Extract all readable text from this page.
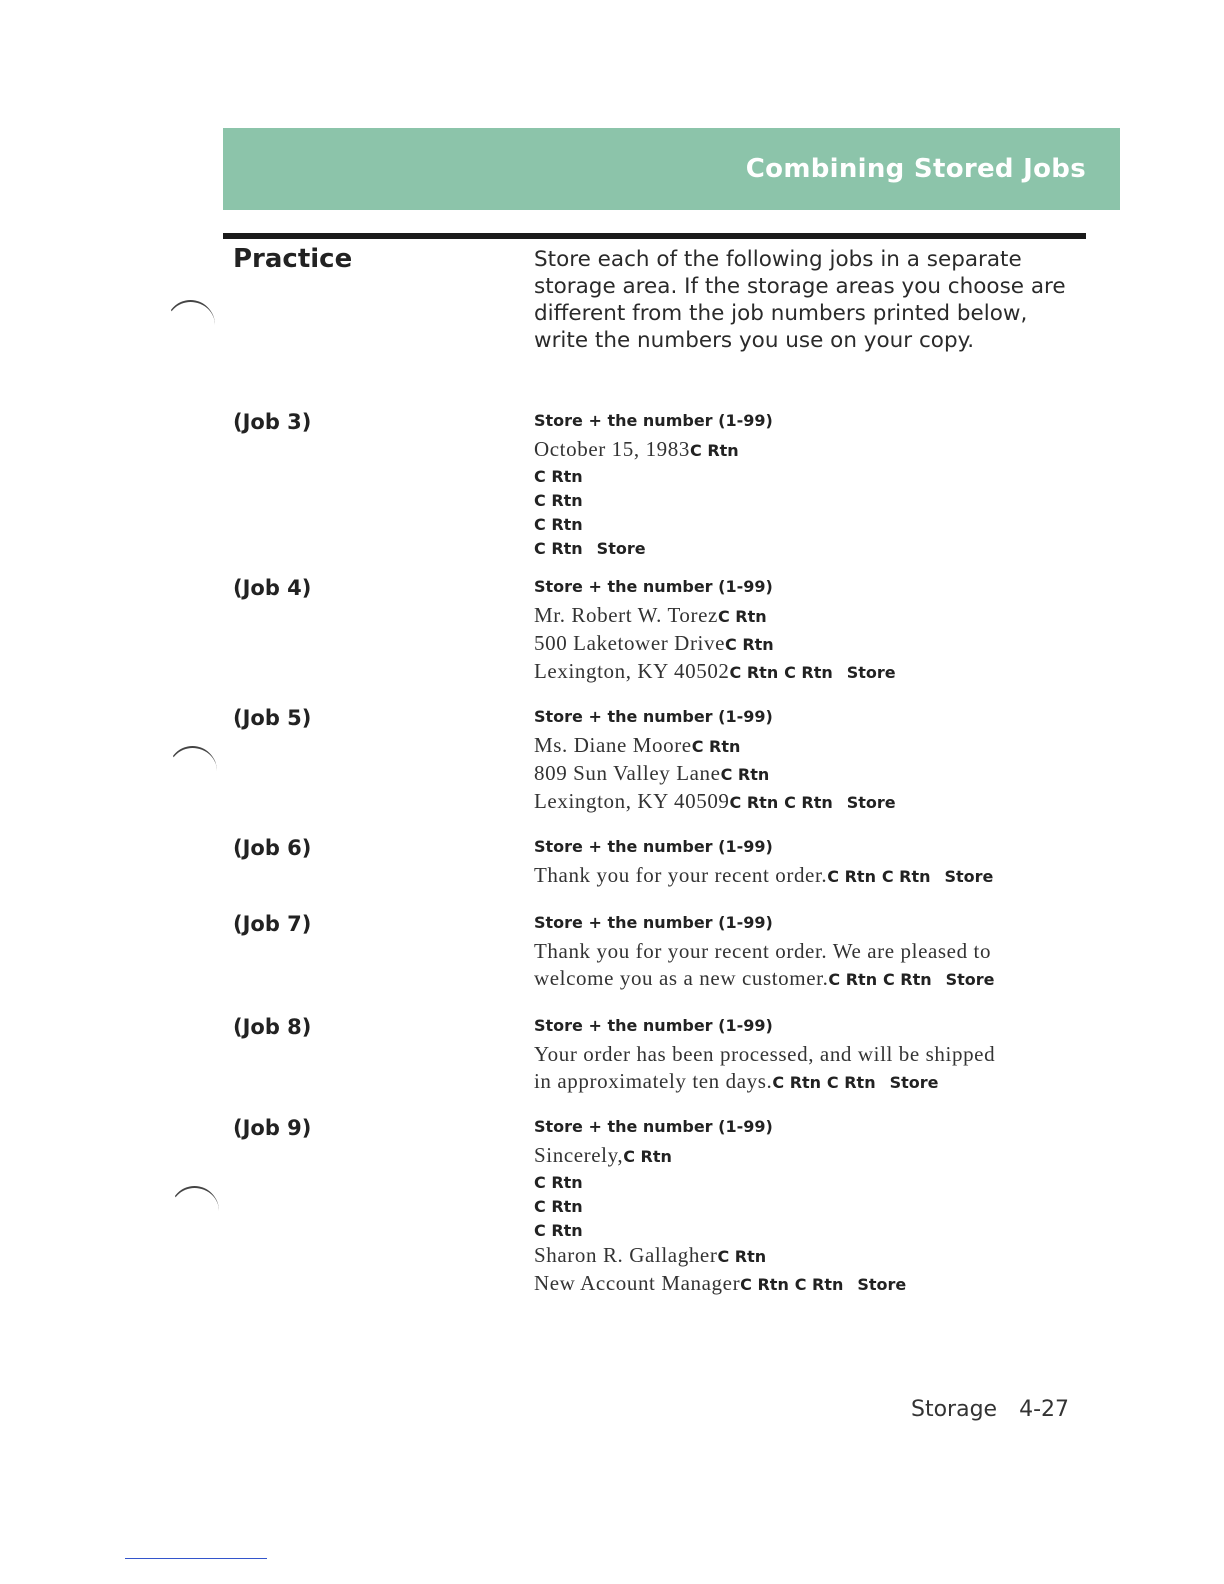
Combining Stored Jobs
Practice	Store each of the following jobs in a separate storage area. If the storage areas you choose are different from the job numbers printed below, write the numbers you use on your copy.
(Job 3)	Store + the number (1-99)
October 15, 1983C Rtn
C Rtn
C Rtn
C Rtn
C Rtn Store
(Job 4)	Store + the number (1-99)
Mr. Robert W. TorezC Rtn
500 Laketower DriveC Rtn
Lexington, KY 40502C Rtn C Rtn Store
(Job 5)	Store + the number (1-99)
Ms. Diane MooreC Rtn
809 Sun Valley LaneC Rtn
Lexington, KY 40509C Rtn C Rtn Store
(Job 6)	Store + the number (1-99)
Thank you for your recent order.C Rtn C Rtn Store
(Job 7)	Store + the number (1-99)
Thank you for your recent order. We are pleased to
welcome you as a new customer.C Rtn C Rtn Store
(Job 8)	Store + the number (1-99)
Your order has been processed, and will be shipped
in approximately ten days.C Rtn C Rtn Store
(Job 9)	Store + the number (1-99)
Sincerely,C Rtn
C Rtn
C Rtn
C Rtn
Sharon R. GallagherC Rtn
New Account ManagerC Rtn C Rtn Store
Storage 4-27
